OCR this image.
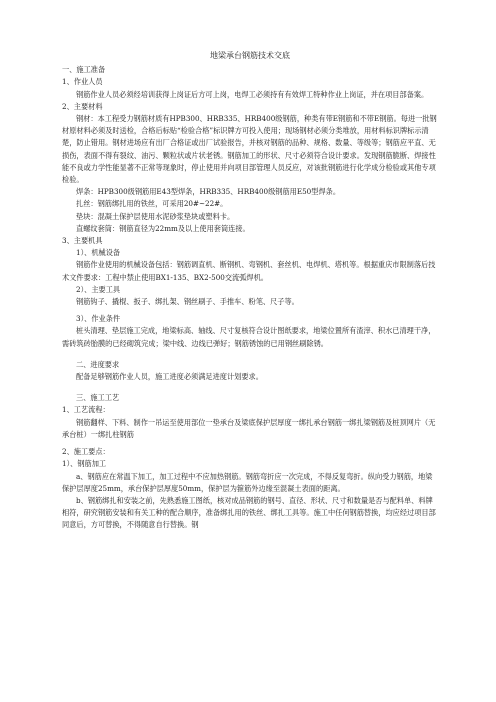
地梁承台钢筋技术交底

一、施工准备

1、作业人员

钢筋作业人员必须经培训获得上岗证后方可上岗，电焊工必须持有有效焊工特种作业上岗证，并在项目部备案。

2、主要材料

钢材：本工程受力钢筋材质有HPB300、HRB335、HRB400级钢筋，种类有带E钢筋和不带E钢筋。每进一批钢材原材料必须及时送检，合格后标贴“检验合格”标识牌方可投入使用；现场钢材必须分类堆放，用材料标识牌标示清楚，防止错用。钢材进场应有出厂合格证或出厂试验报告，并核对钢筋的品种、规格、数量、等级等；钢筋应平直、无损伤，表面不得有裂纹、油污、颗粒状或片状老锈。钢筋加工的形状、尺寸必须符合设计要求。发现钢筋脆断、焊接性能不良或力学性能显著不正常等现象时，停止使用并向项目部管理人员反应，对该批钢筋进行化学成分检验或其他专项检验。

焊条：HPB300级钢筋用E43型焊条，HRB335、HRB400级钢筋用E50型焊条。

扎丝：钢筋绑扎用的铁丝，可采用20#~22#。

垫块：混凝土保护层使用水泥砂浆垫块或塑料卡。

直螺纹套筒：钢筋直径为22mm及以上使用套筒连接。

3、主要机具

1）、机械设备

钢筋作业使用的机械设备包括：钢筋调直机、断钢机、弯钢机、套丝机、电焊机、塔机等。根据重庆市限制落后技术文件要求：工程中禁止使用BX1-135、BX2-500交流弧焊机。

2）、主要工具

钢筋钩子、撬棍、扳子、绑扎架、钢丝刷子、手推车、粉笔、尺子等。

3）、作业条件

桩头清理、垫层施工完成，地梁标高、轴线、尺寸复核符合设计图纸要求，地梁位置所有渣滓、积水已清理干净，需砖筑砖胎膜的已经砌筑完成；梁中线、边线已弹好；钢筋锈蚀的已用钢丝刷除锈。

二、进度要求

配备足够钢筋作业人员，施工进度必须满足进度计划要求。

三、施工工艺

1、工艺流程：

钢筋翻样、下料、制作一吊运至使用部位一垫承台及梁底保护层厚度一绑扎承台钢筋一绑扎梁钢筋及桩顶网片（无承台桩）一绑扎柱钢筋

2、施工要点：

1）、钢筋加工

a、钢筋应在常温下加工，加工过程中不应加热钢筋。钢筋弯折应一次完成，不得反复弯折。纵向受力钢筋，地梁保护层厚度25mm，承台保护层厚度50mm，保护层为箍筋外边缘至混凝土表面的距离。

b、钢筋绑扎和安装之前，先熟悉施工图纸，核对成品钢筋的钢号、直径、形状、尺寸和数量是否与配料单、料牌相符，研究钢筋安装和有关工种的配合顺序，准备绑扎用的铁丝、绑扎工具等。施工中任何钢筋替换，均应经过项目部同意后，方可替换，不得随意自行替换。钢
